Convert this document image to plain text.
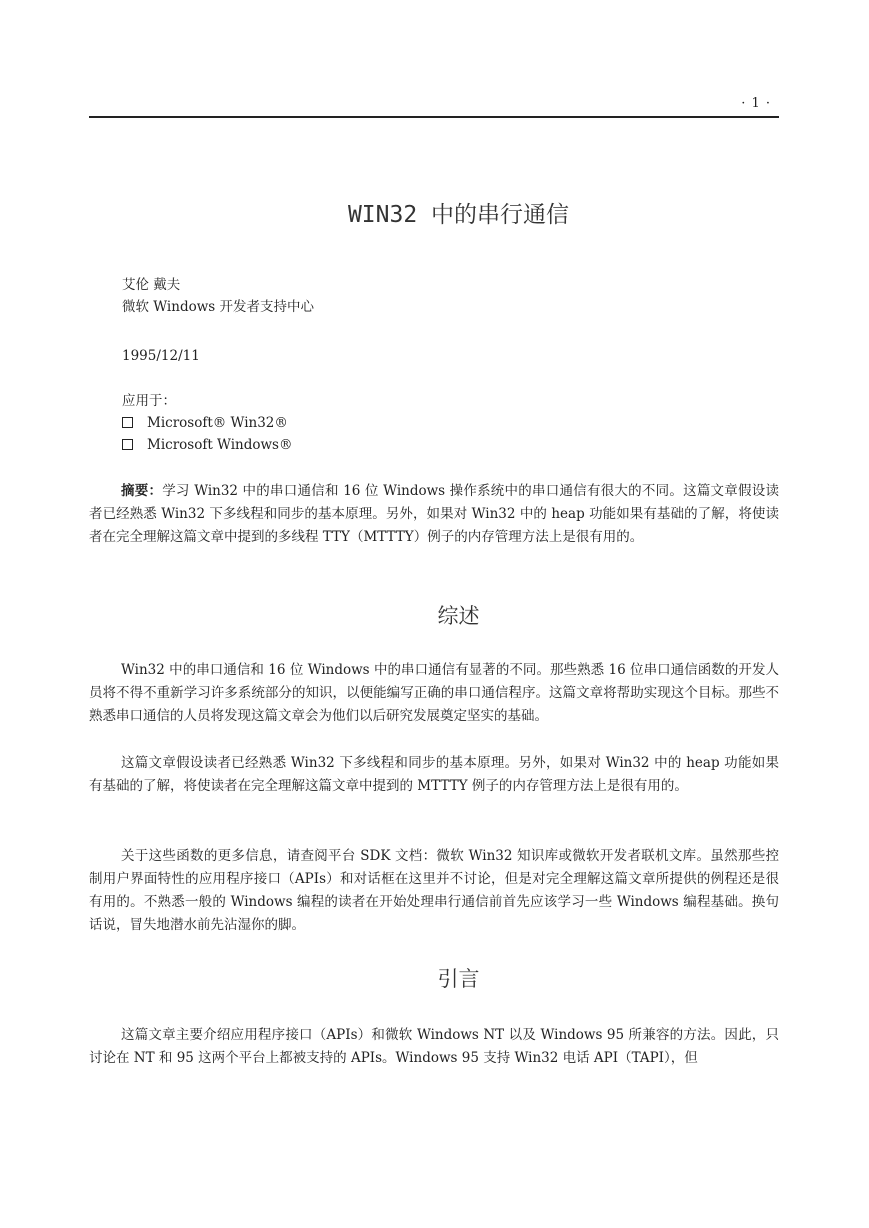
· 1 ·
WIN32 中的串行通信
艾伦 戴夫
微软 Windows 开发者支持中心
1995/12/11
应用于：
Microsoft® Win32®
Microsoft Windows®

摘要：学习 Win32 中的串口通信和 16 位 Windows 操作系统中的串口通信有很大的不同。这篇文章假设读者已经熟悉 Win32 下多线程和同步的基本原理。另外，如果对 Win32 中的 heap 功能如果有基础的了解，将使读者在完全理解这篇文章中提到的多线程 TTY（MTTTY）例子的内存管理方法上是很有用的。

综述

Win32 中的串口通信和 16 位 Windows 中的串口通信有显著的不同。那些熟悉 16 位串口通信函数的开发人员将不得不重新学习许多系统部分的知识，以便能编写正确的串口通信程序。这篇文章将帮助实现这个目标。那些不熟悉串口通信的人员将发现这篇文章会为他们以后研究发展奠定坚实的基础。

这篇文章假设读者已经熟悉 Win32 下多线程和同步的基本原理。另外，如果对 Win32 中的 heap 功能如果有基础的了解，将使读者在完全理解这篇文章中提到的 MTTTY 例子的内存管理方法上是很有用的。

关于这些函数的更多信息，请查阅平台 SDK 文档：微软 Win32 知识库或微软开发者联机文库。虽然那些控制用户界面特性的应用程序接口（APIs）和对话框在这里并不讨论，但是对完全理解这篇文章所提供的例程还是很有用的。不熟悉一般的 Windows 编程的读者在开始处理串行通信前首先应该学习一些 Windows 编程基础。换句话说，冒失地潜水前先沾湿你的脚。

引言

这篇文章主要介绍应用程序接口（APIs）和微软 Windows NT 以及 Windows 95 所兼容的方法。因此，只讨论在 NT 和 95 这两个平台上都被支持的 APIs。Windows 95 支持 Win32 电话 API（TAPI），但
